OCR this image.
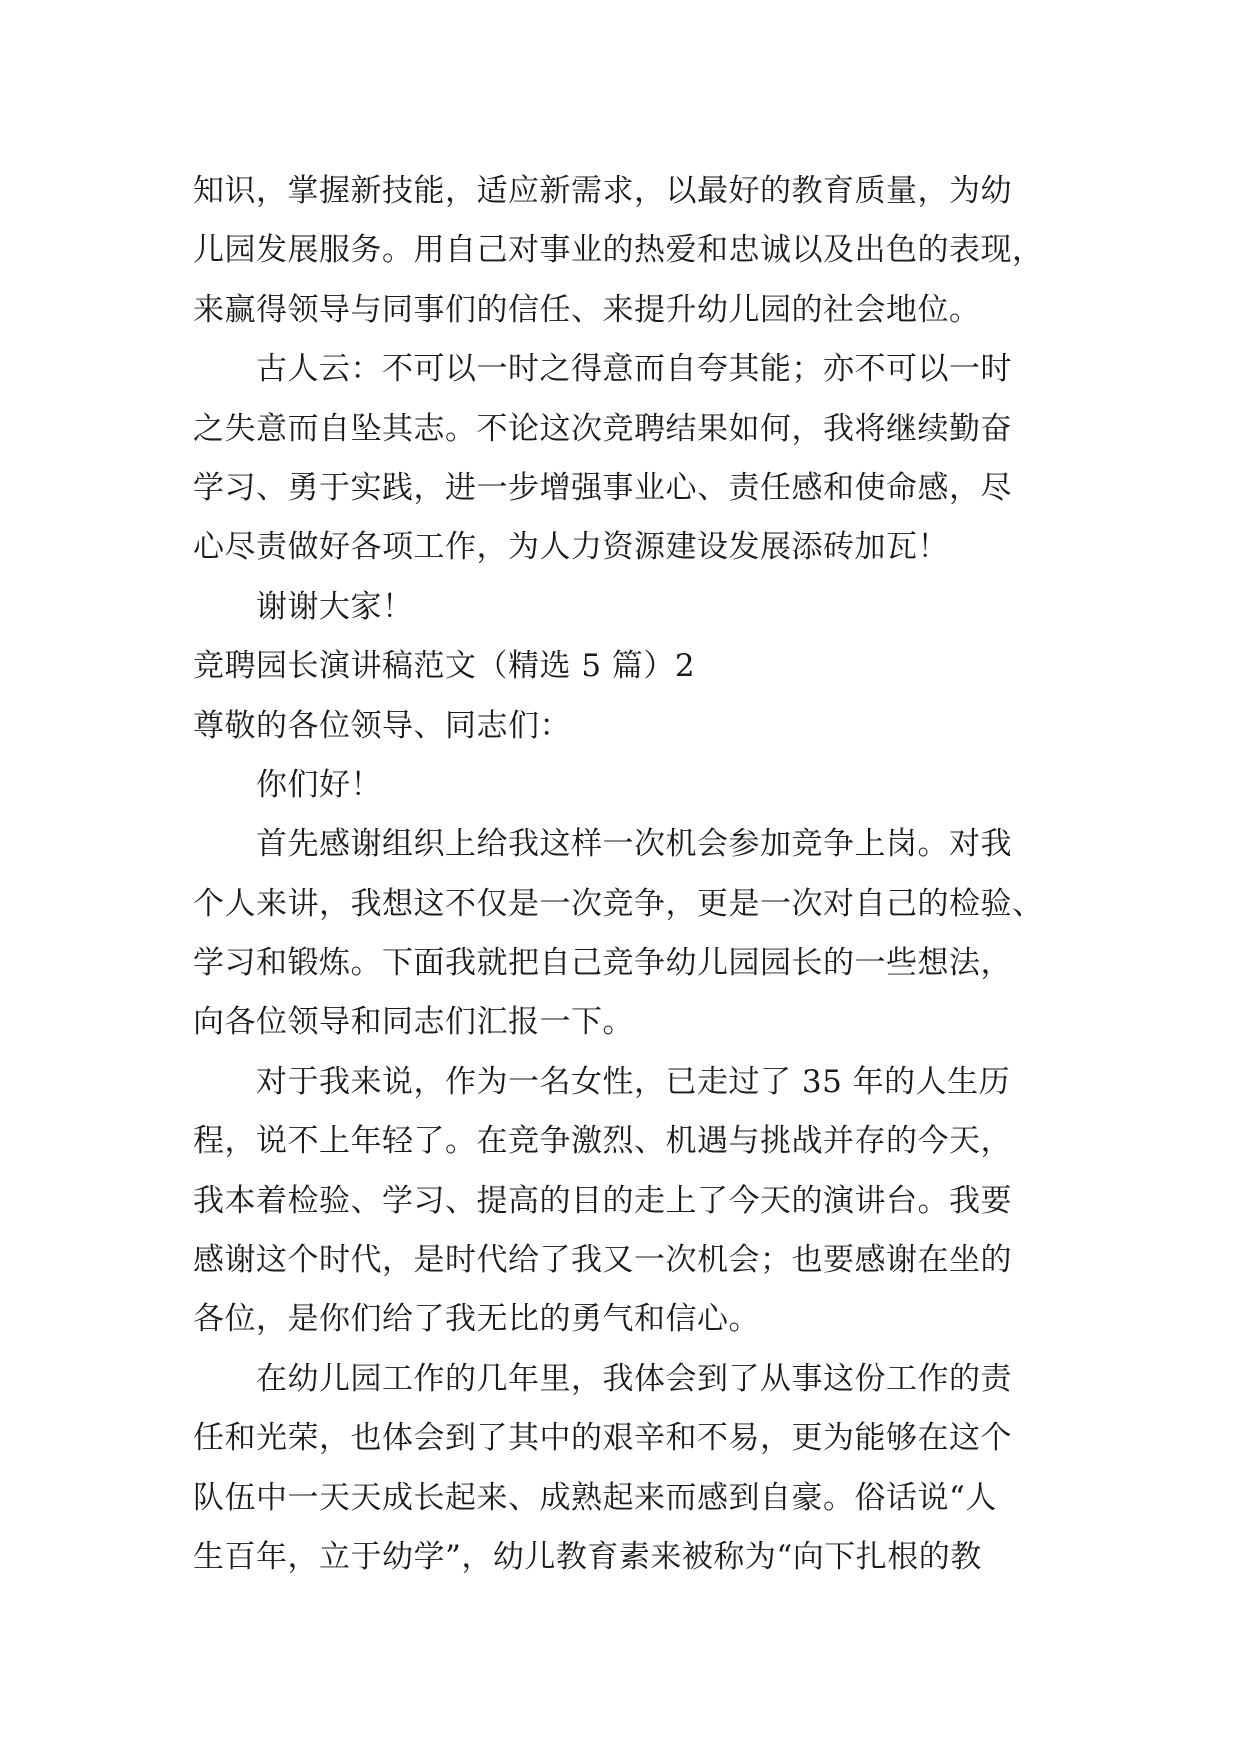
知识，掌握新技能，适应新需求，以最好的教育质量，为幼
儿园发展服务。用自己对事业的热爱和忠诚以及出色的表现，
来赢得领导与同事们的信任、来提升幼儿园的社会地位。
古人云：不可以一时之得意而自夸其能；亦不可以一时
之失意而自坠其志。不论这次竞聘结果如何，我将继续勤奋
学习、勇于实践，进一步增强事业心、责任感和使命感，尽
心尽责做好各项工作，为人力资源建设发展添砖加瓦！
谢谢大家！
竞聘园长演讲稿范文（精选 5 篇）2
尊敬的各位领导、同志们：
你们好！
首先感谢组织上给我这样一次机会参加竞争上岗。对我
个人来讲，我想这不仅是一次竞争，更是一次对自己的检验、
学习和锻炼。下面我就把自己竞争幼儿园园长的一些想法，
向各位领导和同志们汇报一下。
对于我来说，作为一名女性，已走过了 35 年的人生历
程，说不上年轻了。在竞争激烈、机遇与挑战并存的今天，
我本着检验、学习、提高的目的走上了今天的演讲台。我要
感谢这个时代，是时代给了我又一次机会；也要感谢在坐的
各位，是你们给了我无比的勇气和信心。
在幼儿园工作的几年里，我体会到了从事这份工作的责
任和光荣，也体会到了其中的艰辛和不易，更为能够在这个
队伍中一天天成长起来、成熟起来而感到自豪。俗话说“人
生百年，立于幼学”，幼儿教育素来被称为“向下扎根的教
